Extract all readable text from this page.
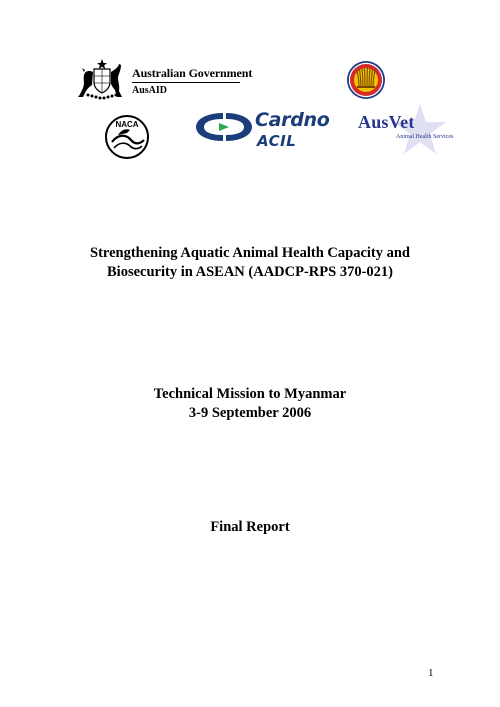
Australian Government
AusAID
NACA	Cardno
ACIL
AusVet
Animal Health Services
Strengthening Aquatic Animal Health Capacity and
Biosecurity in ASEAN (AADCP-RPS 370-021)
Technical Mission to Myanmar
3-9 September 2006
Final Report
1
